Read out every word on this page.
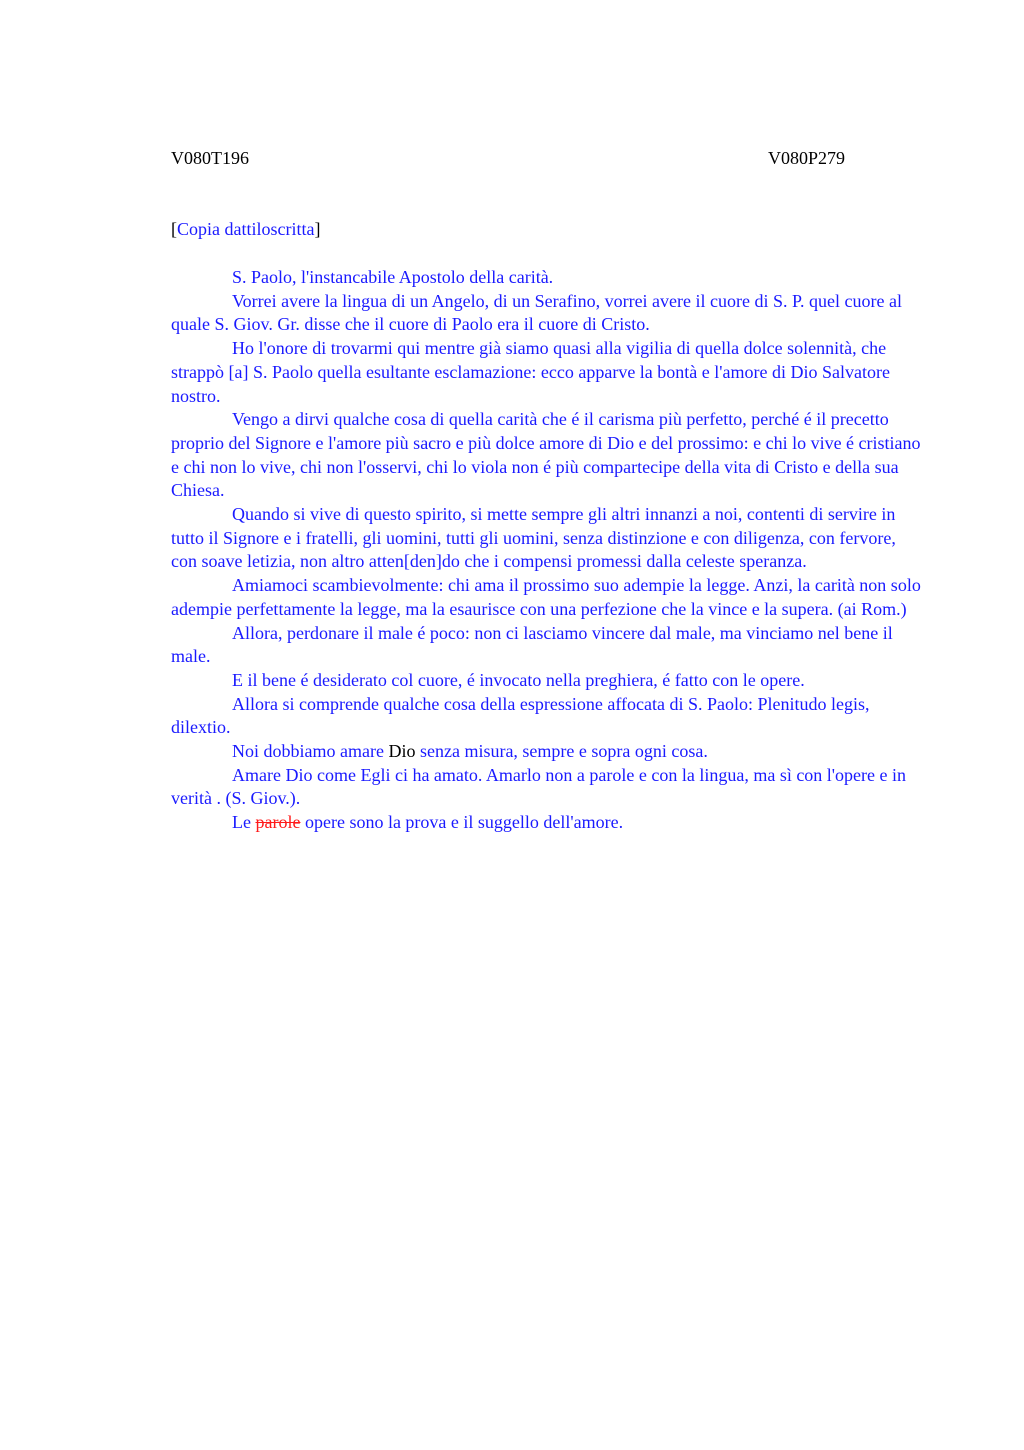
V080T196	V080P279
[Copia dattiloscritta]

S. Paolo, l'instancabile Apostolo della carità.

Vorrei avere la lingua di un Angelo, di un Serafino, vorrei avere il cuore di S. P. quel cuore al quale S. Giov. Gr. disse che il cuore di Paolo era il cuore di Cristo.

Ho l'onore di trovarmi qui mentre già siamo quasi alla vigilia di quella dolce solennità, che strappò [a] S. Paolo quella esultante esclamazione: ecco apparve la bontà e l'amore di Dio Salvatore nostro.

Vengo a dirvi qualche cosa di quella carità che é il carisma più perfetto, perché é il precetto proprio del Signore e l'amore più sacro e più dolce amore di Dio e del prossimo: e chi lo vive é cristiano e chi non lo vive, chi non l'osservi, chi lo viola non é più compartecipe della vita di Cristo e della sua Chiesa.

Quando si vive di questo spirito, si mette sempre gli altri innanzi a noi, contenti di servire in tutto il Signore e i fratelli, gli uomini, tutti gli uomini, senza distinzione e con diligenza, con fervore, con soave letizia, non altro atten[den]do che i compensi promessi dalla celeste speranza.

Amiamoci scambievolmente: chi ama il prossimo suo adempie la legge. Anzi, la carità non solo adempie perfettamente la legge, ma la esaurisce con una perfezione che la vince e la supera. (ai Rom.)

Allora, perdonare il male é poco: non ci lasciamo vincere dal male, ma vinciamo nel bene il male.

E il bene é desiderato col cuore, é invocato nella preghiera, é fatto con le opere.

Allora si comprende qualche cosa della espressione affocata di S. Paolo: Plenitudo legis, dilextio.

Noi dobbiamo amare Dio senza misura, sempre e sopra ogni cosa.

Amare Dio come Egli ci ha amato. Amarlo non a parole e con la lingua, ma sì con l'opere e in verità . (S. Giov.).

Le parole opere sono la prova e il suggello dell'amore.
